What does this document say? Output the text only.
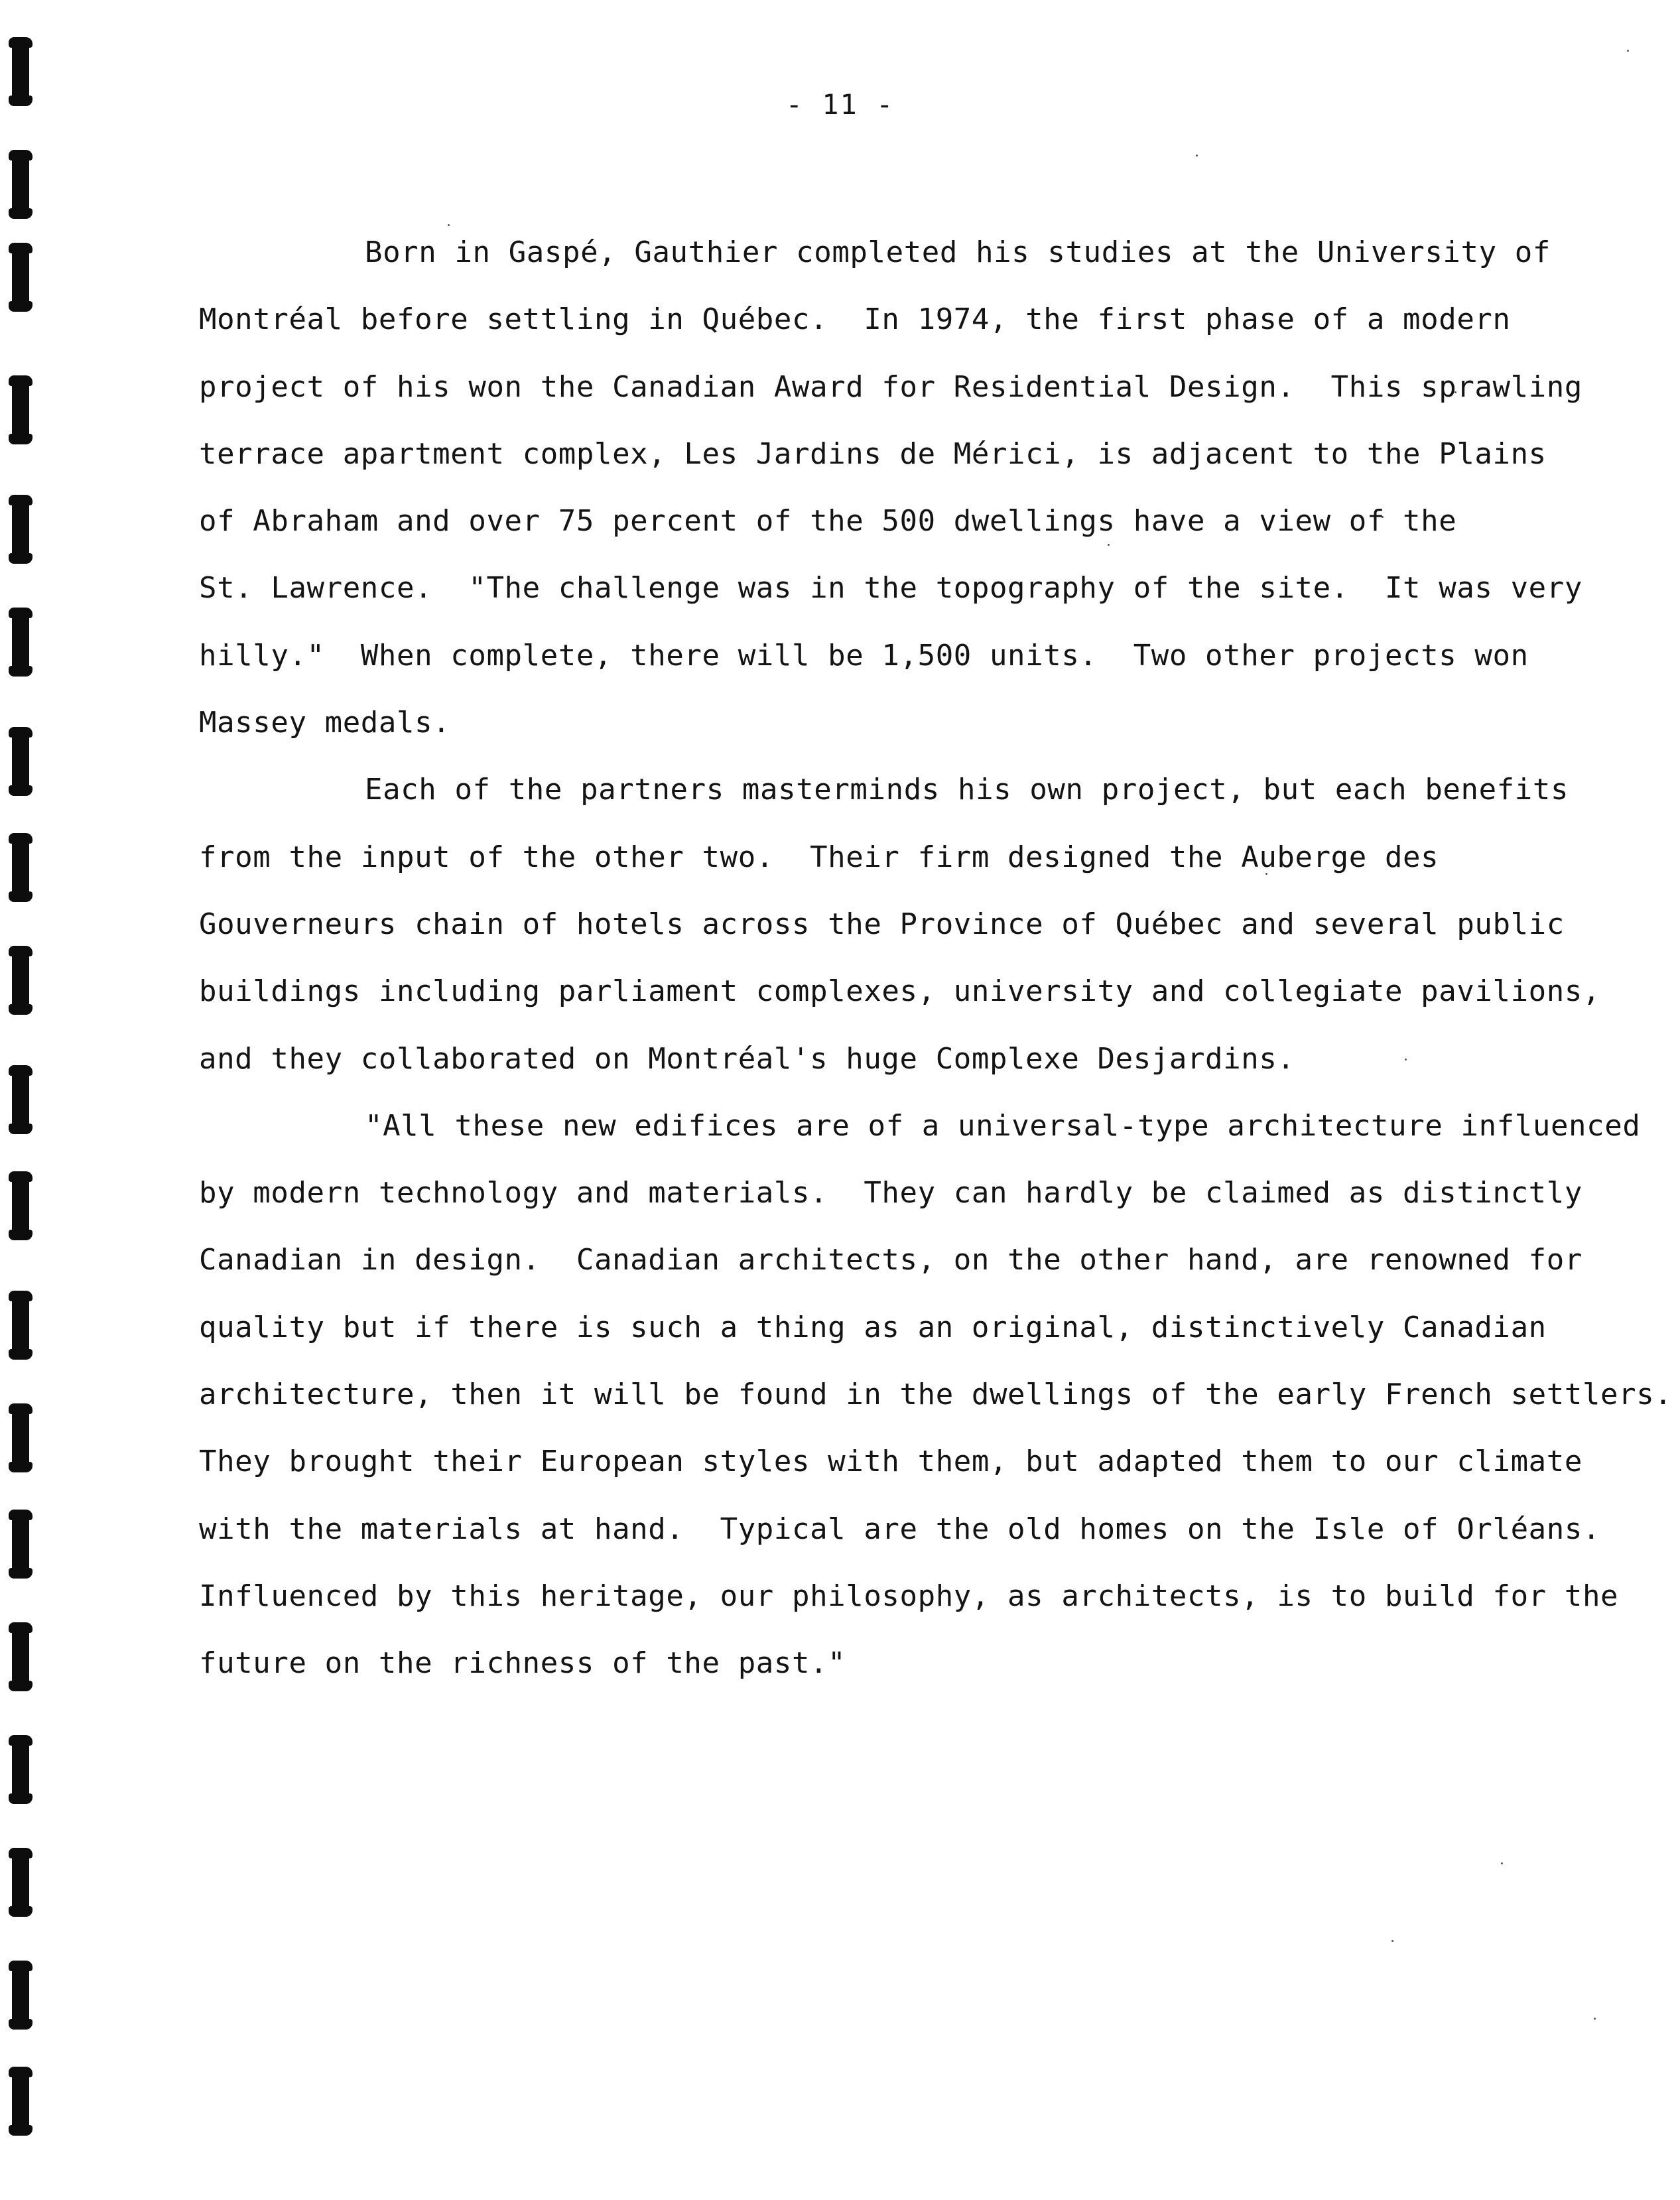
- 11 -
Born in Gaspé, Gauthier completed his studies at the University of
Montréal before settling in Québec.  In 1974, the first phase of a modern
project of his won the Canadian Award for Residential Design.  This sprawling
terrace apartment complex, Les Jardins de Mérici, is adjacent to the Plains
of Abraham and over 75 percent of the 500 dwellings have a view of the
St. Lawrence.  "The challenge was in the topography of the site.  It was very
hilly."  When complete, there will be 1,500 units.  Two other projects won
Massey medals.
Each of the partners masterminds his own project, but each benefits
from the input of the other two.  Their firm designed the Auberge des
Gouverneurs chain of hotels across the Province of Québec and several public
buildings including parliament complexes, university and collegiate pavilions,
and they collaborated on Montréal's huge Complexe Desjardins.
"All these new edifices are of a universal-type architecture influenced
by modern technology and materials.  They can hardly be claimed as distinctly
Canadian in design.  Canadian architects, on the other hand, are renowned for
quality but if there is such a thing as an original, distinctively Canadian
architecture, then it will be found in the dwellings of the early French settlers.
They brought their European styles with them, but adapted them to our climate
with the materials at hand.  Typical are the old homes on the Isle of Orléans.
Influenced by this heritage, our philosophy, as architects, is to build for the
future on the richness of the past."
